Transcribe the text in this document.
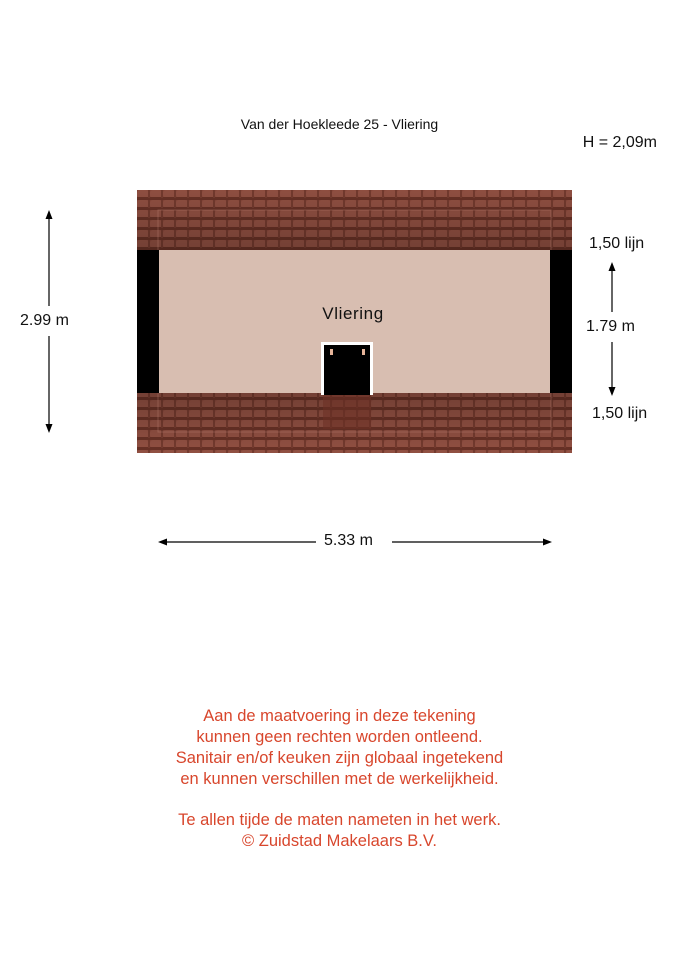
Van der Hoekleede 25 - Vliering
H = 2,09m
2.99 m
5.33 m
1.79 m
1,50 lijn
1,50 lijn
Vliering
Aan de maatvoering in deze tekening
kunnen geen rechten worden ontleend.
Sanitair en/of keuken zijn globaal ingetekend
en kunnen verschillen met de werkelijkheid.
Te allen tijde de maten nameten in het werk.
© Zuidstad Makelaars B.V.
